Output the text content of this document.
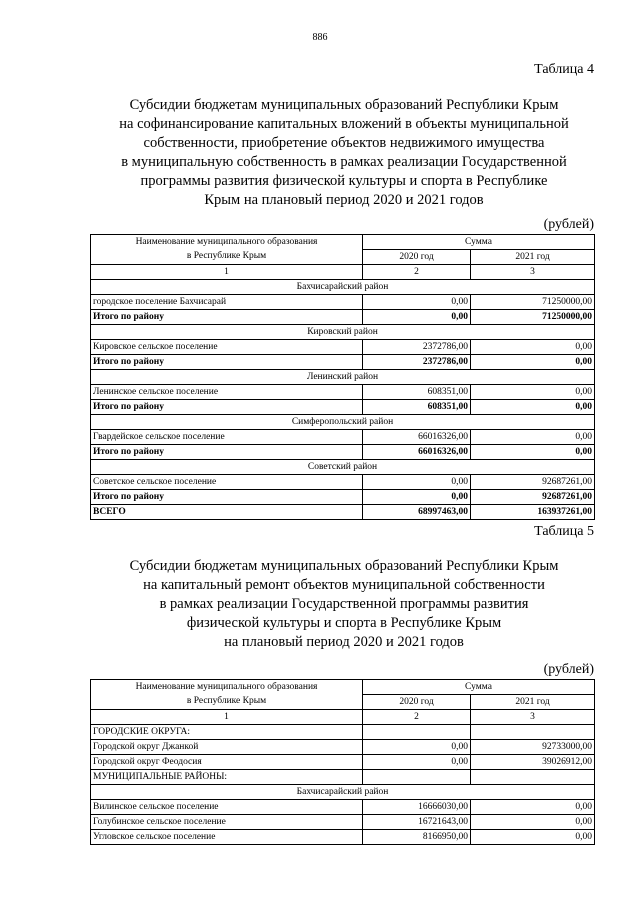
886
Таблица 4
Субсидии бюджетам муниципальных образований Республики Крым
на софинансирование капитальных вложений в объекты муниципальной
собственности, приобретение объектов недвижимого имущества
в муниципальную собственность в рамках реализации Государственной
программы развития физической культуры и спорта в Республике
Крым на плановый период 2020 и 2021 годов
(рублей)
Наименование муниципального образования	Сумма	
в Республике Крым	2020 год	2021 год
1	2	3
Бахчисарайский район		
городское поселение Бахчисарай	0,00	71250000,00
Итого по району	0,00	71250000,00
Кировский район		
Кировское сельское поселение	2372786,00	0,00
Итого по району	2372786,00	0,00
Ленинский район		
Ленинское сельское поселение	608351,00	0,00
Итого по району	608351,00	0,00
Симферопольский район		
Гвардейское сельское поселение	66016326,00	0,00
Итого по району	66016326,00	0,00
Советский район		
Советское сельское поселение	0,00	92687261,00
Итого по району	0,00	92687261,00
ВСЕГО	68997463,00	163937261,00
Таблица 5
Субсидии бюджетам муниципальных образований Республики Крым
на капитальный ремонт объектов муниципальной собственности
в рамках реализации Государственной программы развития
физической культуры и спорта в Республике Крым
на плановый период 2020 и 2021 годов
(рублей)
Наименование муниципального образования	Сумма	
в Республике Крым	2020 год	2021 год
1	2	3
ГОРОДСКИЕ ОКРУГА:		
Городской округ Джанкой	0,00	92733000,00
Городской округ Феодосия	0,00	39026912,00
МУНИЦИПАЛЬНЫЕ РАЙОНЫ:		
Бахчисарайский район		
Вилинское сельское поселение	16666030,00	0,00
Голубинское сельское поселение	16721643,00	0,00
Угловское сельское поселение	8166950,00	0,00
